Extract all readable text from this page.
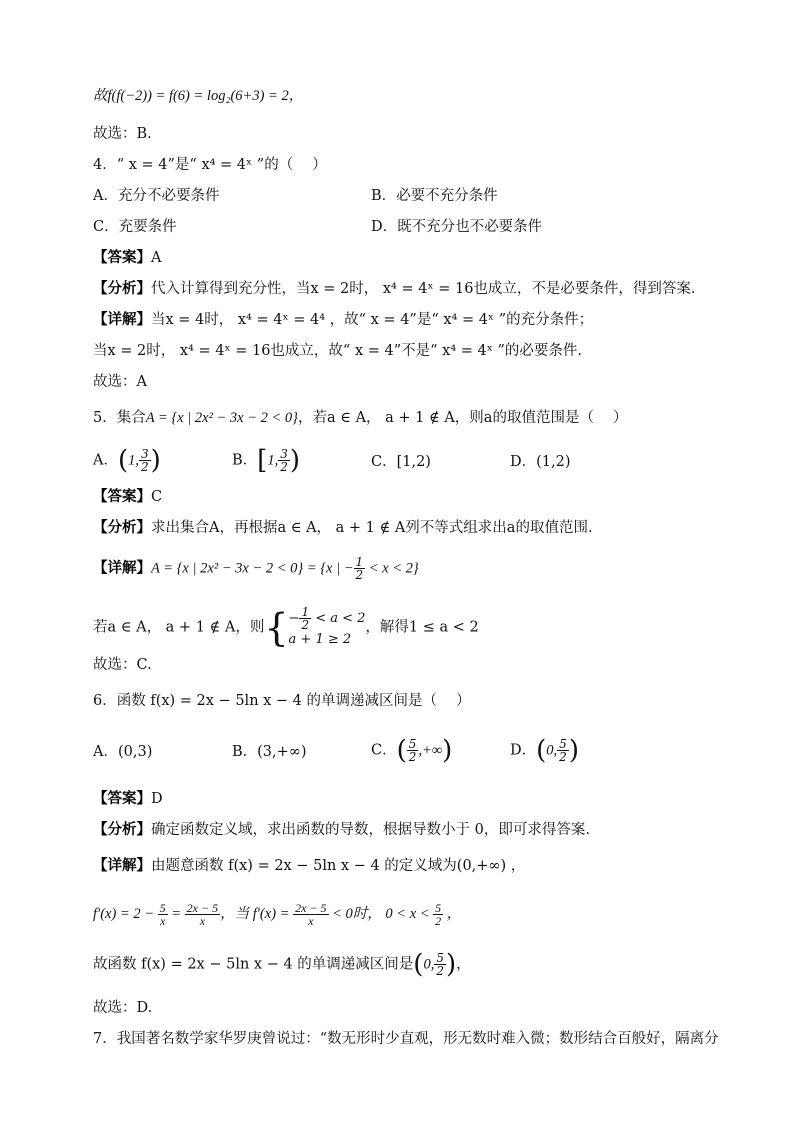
故f(f(−2)) = f(6) = log₂(6+3) = 2，
故选：B.
4．“ x = 4”是“ x⁴ = 4ˣ ”的（　 ）
A．充分不必要条件	B．必要不充分条件
C．充要条件	D．既不充分也不必要条件
【答案】A
【分析】代入计算得到充分性，当x = 2时， x⁴ = 4ˣ = 16也成立，不是必要条件，得到答案.
【详解】当x = 4时， x⁴ = 4ˣ = 4⁴ ，故“ x = 4”是“ x⁴ = 4ˣ ”的充分条件；
当x = 2时， x⁴ = 4ˣ = 16也成立，故“ x = 4”不是“ x⁴ = 4ˣ ”的必要条件.
故选：A
5．集合A = {x | 2x² − 3x − 2 < 0}，若a ∈ A， a + 1 ∉ A，则a的取值范围是（　 ）
A．(1, $\frac{3}{2}$ )	B．[1, $\frac{3}{2}$ )	C．[1,2)	D．(1,2)
【答案】C
【分析】求出集合A，再根据a ∈ A， a + 1 ∉ A列不等式组求出a的取值范围.
【详解】A = {x | 2x² − 3x − 2 < 0} = {x | − $\frac{1}{2} < x < 2$}
若a ∈ A， a + 1 ∉ A，则{− $\frac{1}{2} < a < 2$
a + 1 ≥ 2，解得1 ≤ a < 2
故选：C.
6．函数 f(x) = 2x − 5ln x − 4 的单调递减区间是（　 ）
A．(0,3)	B．(3,+∞)	C．( $\frac{5}{2}$ ,+∞)	D．(0, $\frac{5}{2}$ )
【答案】D
【分析】确定函数定义域，求出函数的导数，根据导数小于 0，即可求得答案.
【详解】由题意函数 f(x) = 2x − 5ln x − 4 的定义域为(0,+∞) ，
$f'(x) = 2 - \frac{5}{x} = \frac{2x - 5}{x}$ ，当 $f'(x) = \frac{2x - 5}{x} < 0$时， $0 < x < \frac{5}{2}$ ，
故函数 f(x) = 2x − 5ln x − 4 的单调递减区间是(0, $\frac{5}{2}$ )，
故选：D.
7．我国著名数学家华罗庚曾说过：“数无形时少直观，形无数时难入微；数形结合百般好，隔离分
